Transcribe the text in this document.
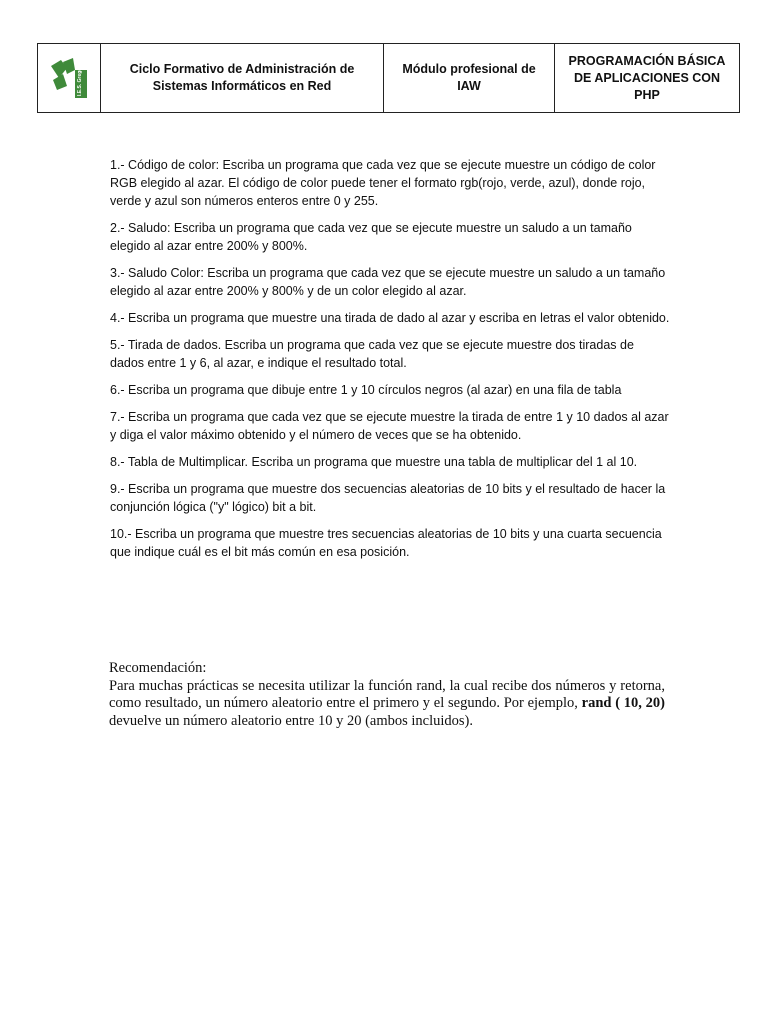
I.E.S. Gregorio	Ciclo Formativo de Administración de Sistemas Informáticos en Red	Módulo profesional de IAW	PROGRAMACIÓN BÁSICA DE APLICACIONES CON PHP
1.- Código de color: Escriba un programa que cada vez que se ejecute muestre un código de color RGB elegido al azar. El código de color puede tener el formato rgb(rojo, verde, azul), donde rojo, verde y azul son números enteros entre 0 y 255.
2.- Saludo: Escriba un programa que cada vez que se ejecute muestre un saludo a un tamaño elegido al azar entre 200% y 800%.
3.- Saludo Color: Escriba un programa que cada vez que se ejecute muestre un saludo a un tamaño elegido al azar entre 200% y 800% y de un color elegido al azar.
4.- Escriba un programa que muestre una tirada de dado al azar y escriba en letras el valor obtenido.
5.- Tirada de dados. Escriba un programa que cada vez que se ejecute muestre dos tiradas de dados entre 1 y 6, al azar, e indique el resultado total.
6.- Escriba un programa que dibuje entre 1 y 10 círculos negros (al azar) en una fila de tabla
7.- Escriba un programa que cada vez que se ejecute muestre la tirada de entre 1 y 10 dados al azar y diga el valor máximo obtenido y el número de veces que se ha obtenido.
8.- Tabla de Multimplicar. Escriba un programa que muestre una tabla de multiplicar del 1 al 10.
9.- Escriba un programa que muestre dos secuencias aleatorias de 10 bits y el resultado de hacer la conjunción lógica ("y" lógico) bit a bit.
10.- Escriba un programa que muestre tres secuencias aleatorias de 10 bits y una cuarta secuencia que indique cuál es el bit más común en esa posición.

Recomendación:

Para muchas prácticas se necesita utilizar la función rand, la cual recibe dos números y retorna, como resultado, un número aleatorio entre el primero y el segundo. Por ejemplo, rand ( 10, 20) devuelve un número aleatorio entre 10 y 20 (ambos incluidos).
